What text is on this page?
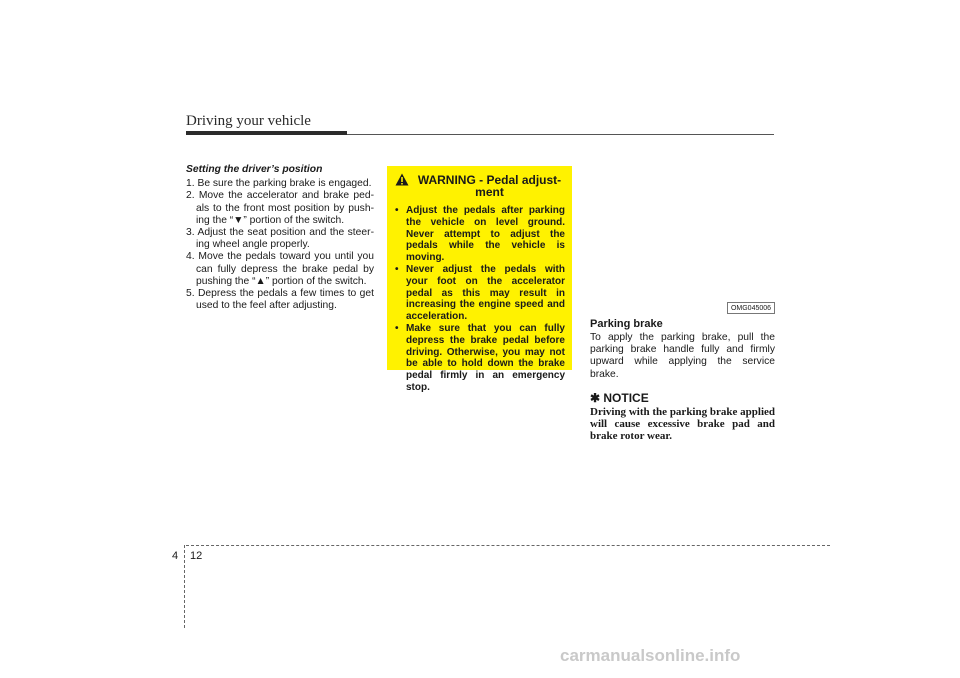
Driving your vehicle
Setting the driver’s position
1. Be sure the parking brake is engaged.
2. Move the accelerator and brake pedals to the front most position by pushing the “▼” portion of the switch.
3. Adjust the seat position and the steering wheel angle properly.
4. Move the pedals toward you until you can fully depress the brake pedal by pushing the “▲” portion of the switch.
5. Depress the pedals a few times to get used to the feel after adjusting.
WARNING - Pedal adjustment
• Adjust the pedals after parking the vehicle on level ground. Never attempt to adjust the pedals while the vehicle is moving.
• Never adjust the pedals with your foot on the accelerator pedal as this may result in increasing the engine speed and acceleration.
• Make sure that you can fully depress the brake pedal before driving. Otherwise, you may not be able to hold down the brake pedal firmly in an emergency stop.
OMG045006
Parking brake
To apply the parking brake, pull the parking brake handle fully and firmly upward while applying the service brake.
✱ NOTICE
Driving with the parking brake applied will cause excessive brake pad and brake rotor wear.
4 12
carmanualsonline.info
